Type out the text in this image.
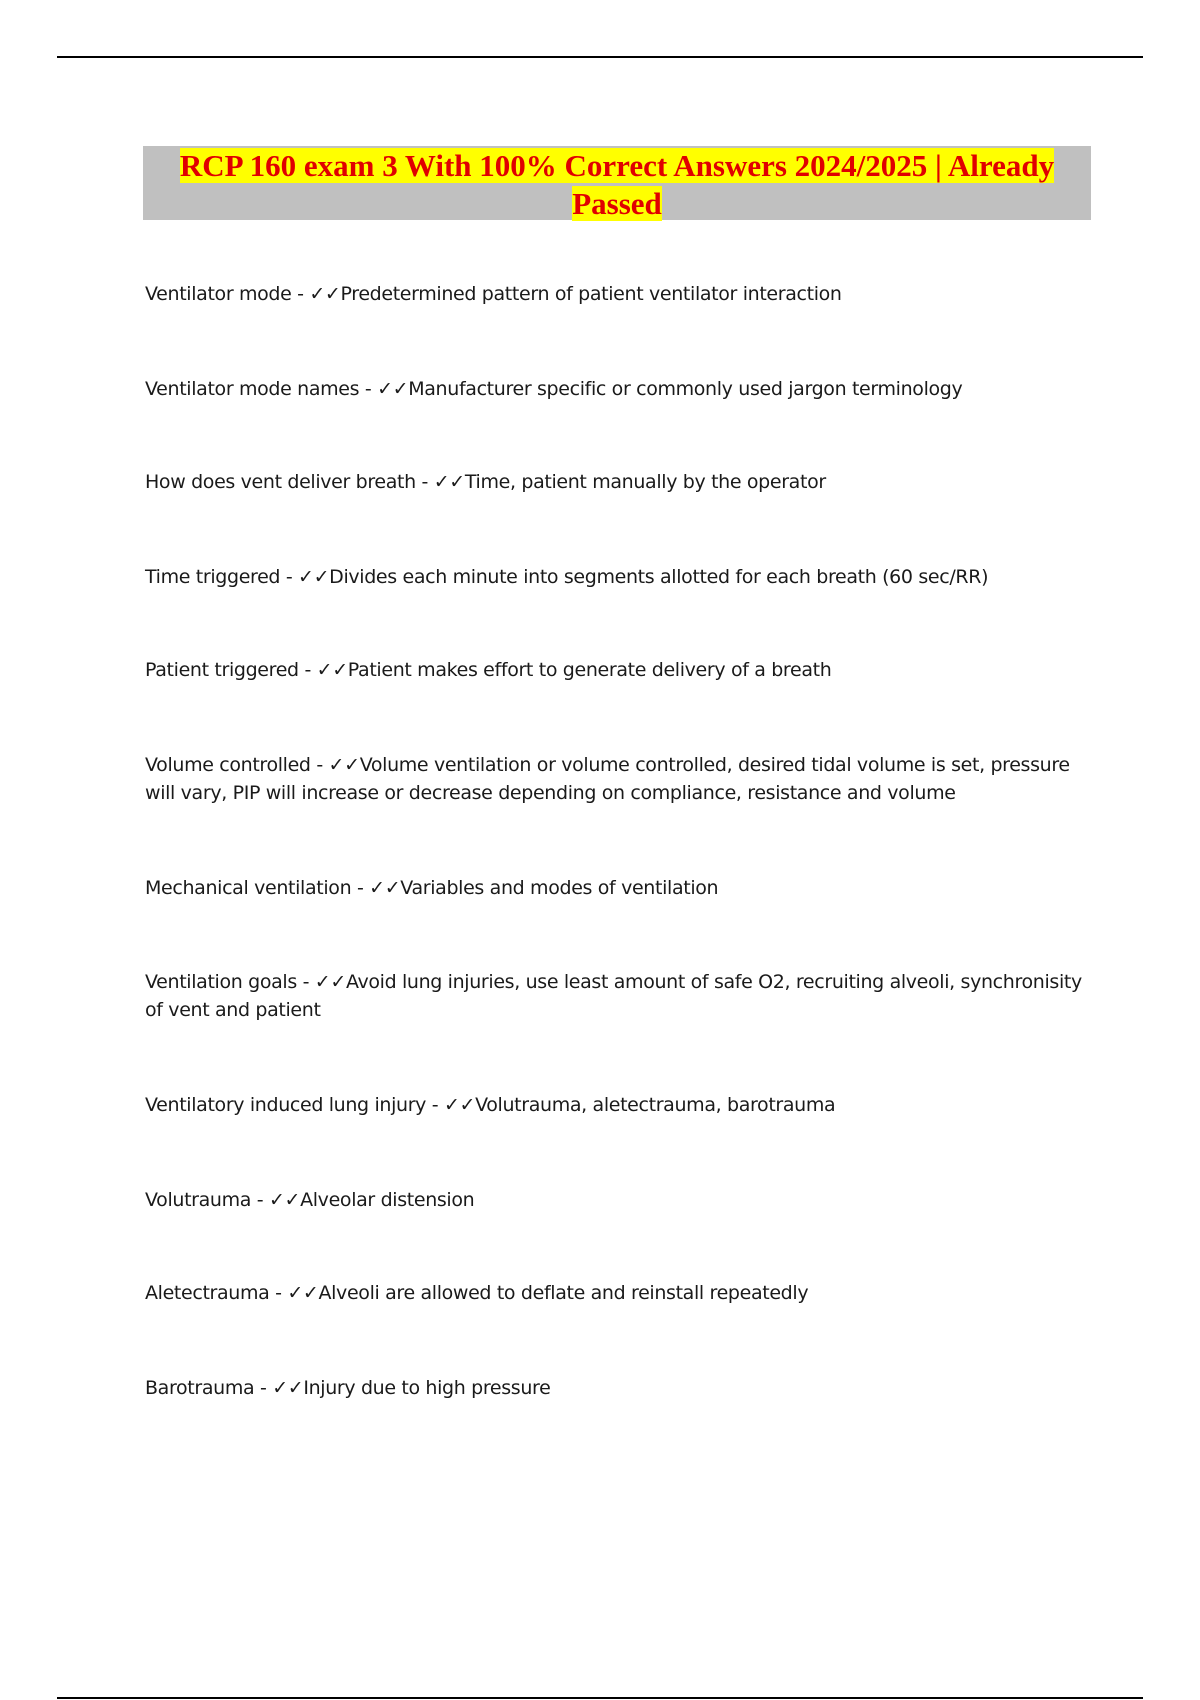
RCP 160 exam 3 With 100% Correct Answers 2024/2025 | Already Passed
Ventilator mode - ✓✓Predetermined pattern of patient ventilator interaction
Ventilator mode names - ✓✓Manufacturer specific or commonly used jargon terminology
How does vent deliver breath - ✓✓Time, patient manually by the operator
Time triggered - ✓✓Divides each minute into segments allotted for each breath (60 sec/RR)
Patient triggered - ✓✓Patient makes effort to generate delivery of a breath
Volume controlled - ✓✓Volume ventilation or volume controlled, desired tidal volume is set, pressure will vary, PIP will increase or decrease depending on compliance, resistance and volume
Mechanical ventilation - ✓✓Variables and modes of ventilation
Ventilation goals - ✓✓Avoid lung injuries, use least amount of safe O2, recruiting alveoli, synchronisity of vent and patient
Ventilatory induced lung injury - ✓✓Volutrauma, aletectrauma, barotrauma
Volutrauma - ✓✓Alveolar distension
Aletectrauma - ✓✓Alveoli are allowed to deflate and reinstall repeatedly
Barotrauma - ✓✓Injury due to high pressure
